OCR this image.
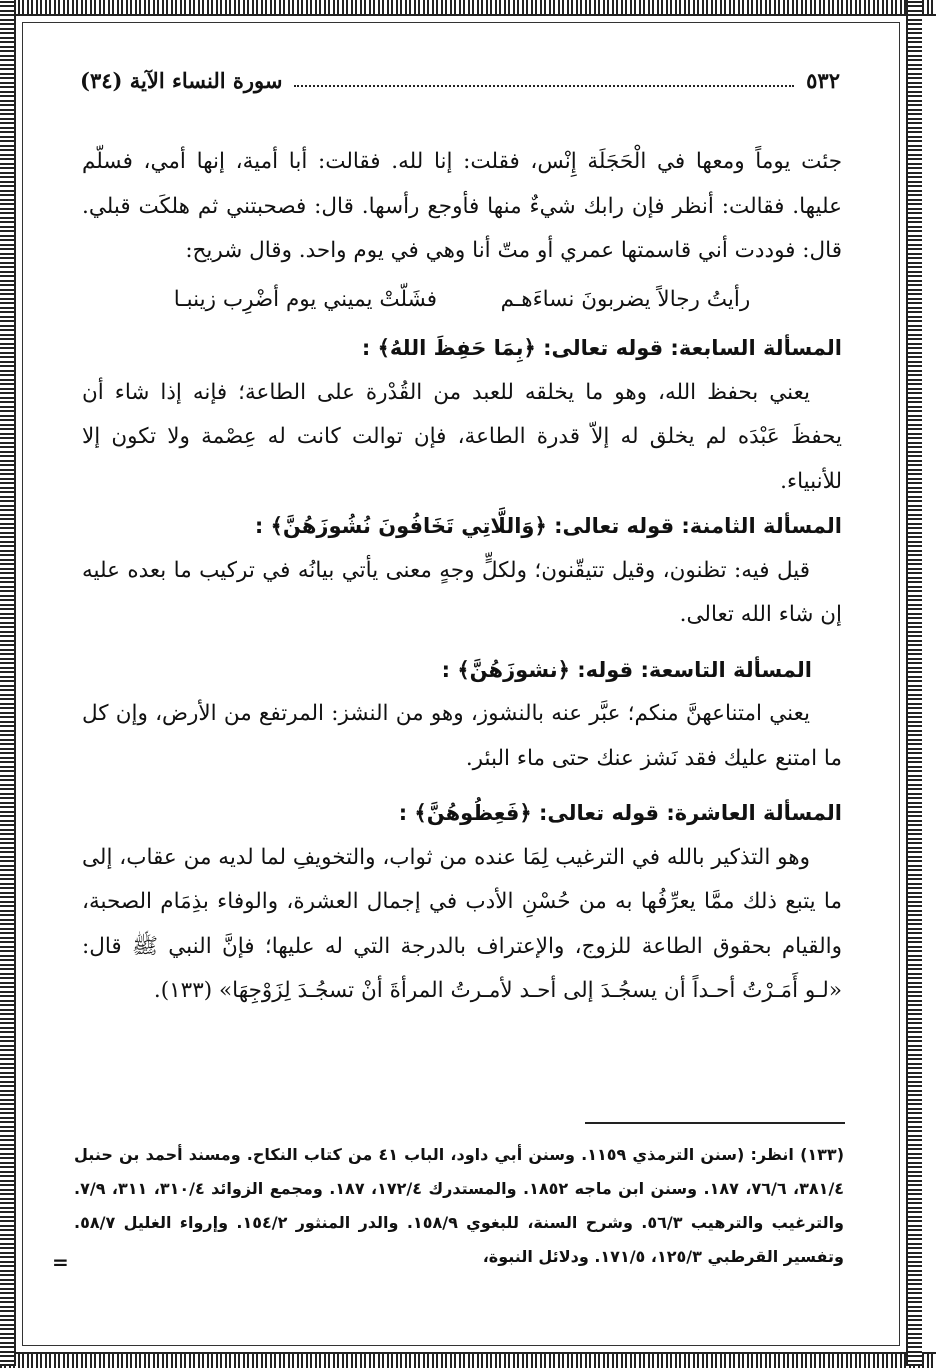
٥٣٢
سورة النساء الآية (٣٤)

جئت يوماً ومعها في الْحَجَلَة إِنْس، فقلت: إنا لله. فقالت: أبا أمية، إنها أمي، فسلّم عليها. فقالت: أنظر فإن رابك شيءٌ منها فأوجع رأسها. قال: فصحبتني ثم هلكَت قبلي. قال: فوددت أني قاسمتها عمري أو متّ أنا وهي في يوم واحد. وقال شريح:

رأيتُ رجالاً يضربونَ نساءَهـم
فشَلّتْ يميني يوم أضْرِب زينبـا

المسألة السابعة: قوله تعالى: ﴿بِمَا حَفِظَ اللهُ﴾ :

يعني بحفظ الله، وهو ما يخلقه للعبد من القُدْرة على الطاعة؛ فإنه إذا شاء أن يحفظَ عَبْدَه لم يخلق له إلاّ قدرة الطاعة، فإن توالت كانت له عِصْمة ولا تكون إلا للأنبياء.

المسألة الثامنة: قوله تعالى: ﴿وَاللَّاتِي تَخَافُونَ نُشُوزَهُنَّ﴾ :

قيل فيه: تظنون، وقيل تتيقّنون؛ ولكلٍّ وجهٍ معنى يأتي بيانُه في تركيب ما بعده عليه إن شاء الله تعالى.

المسألة التاسعة: قوله: ﴿نشوزَهُنَّ﴾ :

يعني امتناعهنَّ منكم؛ عبَّر عنه بالنشوز، وهو من النشز: المرتفع من الأرض، وإن كل ما امتنع عليك فقد نَشز عنك حتى ماء البئر.

المسألة العاشرة: قوله تعالى: ﴿فَعِظُوهُنَّ﴾ :

وهو التذكير بالله في الترغيب لِمَا عنده من ثواب، والتخويفِ لما لديه من عقاب، إلى ما يتبع ذلك ممَّا يعرِّفُها به من حُسْنِ الأدب في إجمال العشرة، والوفاء بذِمَام الصحبة، والقيام بحقوق الطاعة للزوج، والإعتراف بالدرجة التي له عليها؛ فإنَّ النبي ﷺ قال: «لـو أَمَـرْتُ أحـداً أن يسجُـدَ إلى أحـد لأمـرتُ المرأةَ أنْ تسجُـدَ لِزَوْجِهَا» (١٣٣).

(١٣٣) انظر: (سنن الترمذي ١١٥٩. وسنن أبي داود، الباب ٤١ من كتاب النكاح. ومسند أحمد بن حنبل ٣٨١/٤، ٧٦/٦، ١٨٧. وسنن ابن ماجه ١٨٥٢. والمستدرك ١٧٢/٤، ١٨٧. ومجمع الزوائد ٣١٠/٤، ٣١١، ٧/٩. والترغيب والترهيب ٥٦/٣. وشرح السنة، للبغوي ١٥٨/٩. والدر المنثور ١٥٤/٢. وإرواء الغليل ٥٨/٧. وتفسير القرطبي ١٢٥/٣، ١٧١/٥. ودلائل النبوة،

=
